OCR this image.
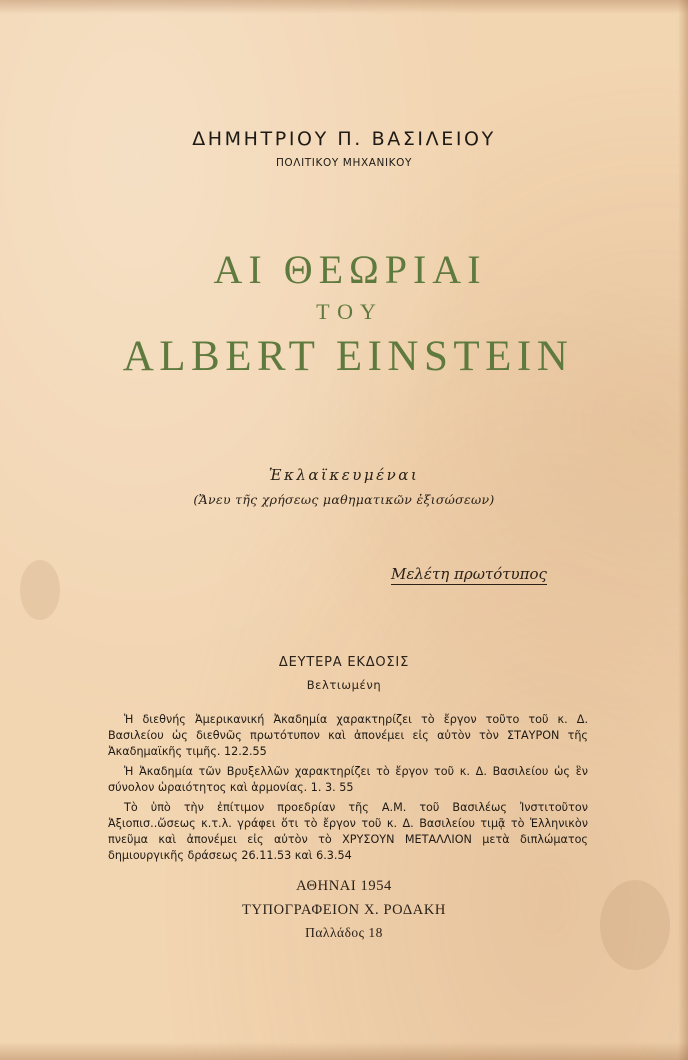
ΔΗΜΗΤΡΙΟΥ Π. ΒΑΣΙΛΕΙΟΥ
ΠΟΛΙΤΙΚΟΥ ΜΗΧΑΝΙΚΟΥ
ΑΙ ΘΕΩΡΙΑΙ
ΤΟΥ
ALBERT EINSTEIN
Ἐκλαϊκευμέναι
(Ἄνευ τῆς χρήσεως μαθηματικῶν ἐξισώσεων)
Μελέτη πρωτότυπος
ΔΕΥΤΕΡΑ ΕΚΔΟΣΙΣ
Βελτιωμένη
Ἡ διεθνής Ἀμερικανική Ἀκαδημία χαρακτηρίζει τὸ ἔργον τοῦτο τοῦ κ. Δ. Βασιλείου ὡς διεθνῶς πρωτότυπον καὶ ἀπονέμει εἰς αὐτὸν τὸν ΣΤΑΥΡΟΝ τῆς Ἀκαδημαϊκῆς τιμῆς. 12.2.55
Ἡ Ἀκαδημία τῶν Βρυξελλῶν χαρακτηρίζει τὸ ἔργον τοῦ κ. Δ. Βασιλείου ὡς ἓν σύνολον ὡραιότητος καὶ ἁρμονίας. 1. 3. 55
Τὸ ὑπὸ τὴν ἐπίτιμον προεδρίαν τῆς Α.Μ. τοῦ Βασιλέως Ἰνστιτοῦτον Ἀξιοπισ..ὥσεως κ.τ.λ. γράφει ὅτι τὸ ἔργον τοῦ κ. Δ. Βασιλείου τιμᾷ τὸ Ἑλληνικὸν πνεῦμα καὶ ἀπονέμει εἰς αὐτὸν τὸ ΧΡΥΣΟΥΝ ΜΕΤΑΛΛΙΟΝ μετὰ διπλώματος δημιουργικῆς δράσεως 26.11.53 καὶ 6.3.54
ΑΘΗΝΑΙ 1954
ΤΥΠΟΓΡΑΦΕΙΟΝ Χ. ΡΟΔΑΚΗ
Παλλάδος 18
